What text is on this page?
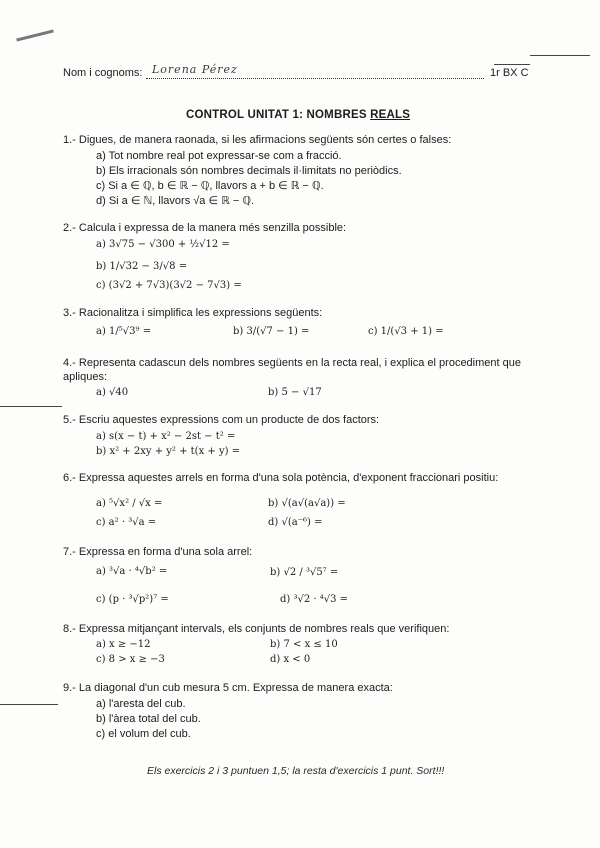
Nom i cognoms: Lorena Pérez	1r BX C
CONTROL UNITAT 1: NOMBRES REALS
1.- Digues, de manera raonada, si les afirmacions següents són certes o falses:
a) Tot nombre real pot expressar-se com a fracció.
b) Els irracionals són nombres decimals il·limitats no periòdics.
c) Si a ∈ ℚ, b ∈ ℝ − ℚ, llavors a + b ∈ ℝ − ℚ.
d) Si a ∈ ℕ, llavors √a ∈ ℝ − ℚ.
2.- Calcula i expressa de la manera més senzilla possible:
a) 3√75 − √300 + ½√12 =
b) 1/√32 − 3/√8 =
c) (3√2 + 7√3)(3√2 − 7√3) =
3.- Racionalitza i simplifica les expressions següents:
a) 1/⁵√3⁹ =	b) 3/(√7 − 1) =	c) 1/(√3 + 1) =
4.- Representa cadascun dels nombres següents en la recta real, i explica el procediment que
apliques:
a) √40	b) 5 − √17
5.- Escriu aquestes expressions com un producte de dos factors:
a) s(x − t) + x² − 2st − t² =
b) x² + 2xy + y² + t(x + y) =
6.- Expressa aquestes arrels en forma d'una sola potència, d'exponent fraccionari positiu:
a) ⁵√x² / √x =	b) √(a√(a√a)) =
c) a² · ³√a =	d) √(a⁻⁶) =
7.- Expressa en forma d'una sola arrel:
a) ³√a · ⁴√b² =	b) √2 / ³√5⁷ =
c) (p · ³√p²)⁷ =	d) ³√2 · ⁴√3 =
8.- Expressa mitjançant intervals, els conjunts de nombres reals que verifiquen:
a) x ≥ −12	b) 7 < x ≤ 10
c) 8 > x ≥ −3	d) x < 0
9.- La diagonal d'un cub mesura 5 cm. Expressa de manera exacta:
a) l'aresta del cub.
b) l'àrea total del cub.
c) el volum del cub.
Els exercicis 2 i 3 puntuen 1,5; la resta d'exercicis 1 punt. Sort!!!
